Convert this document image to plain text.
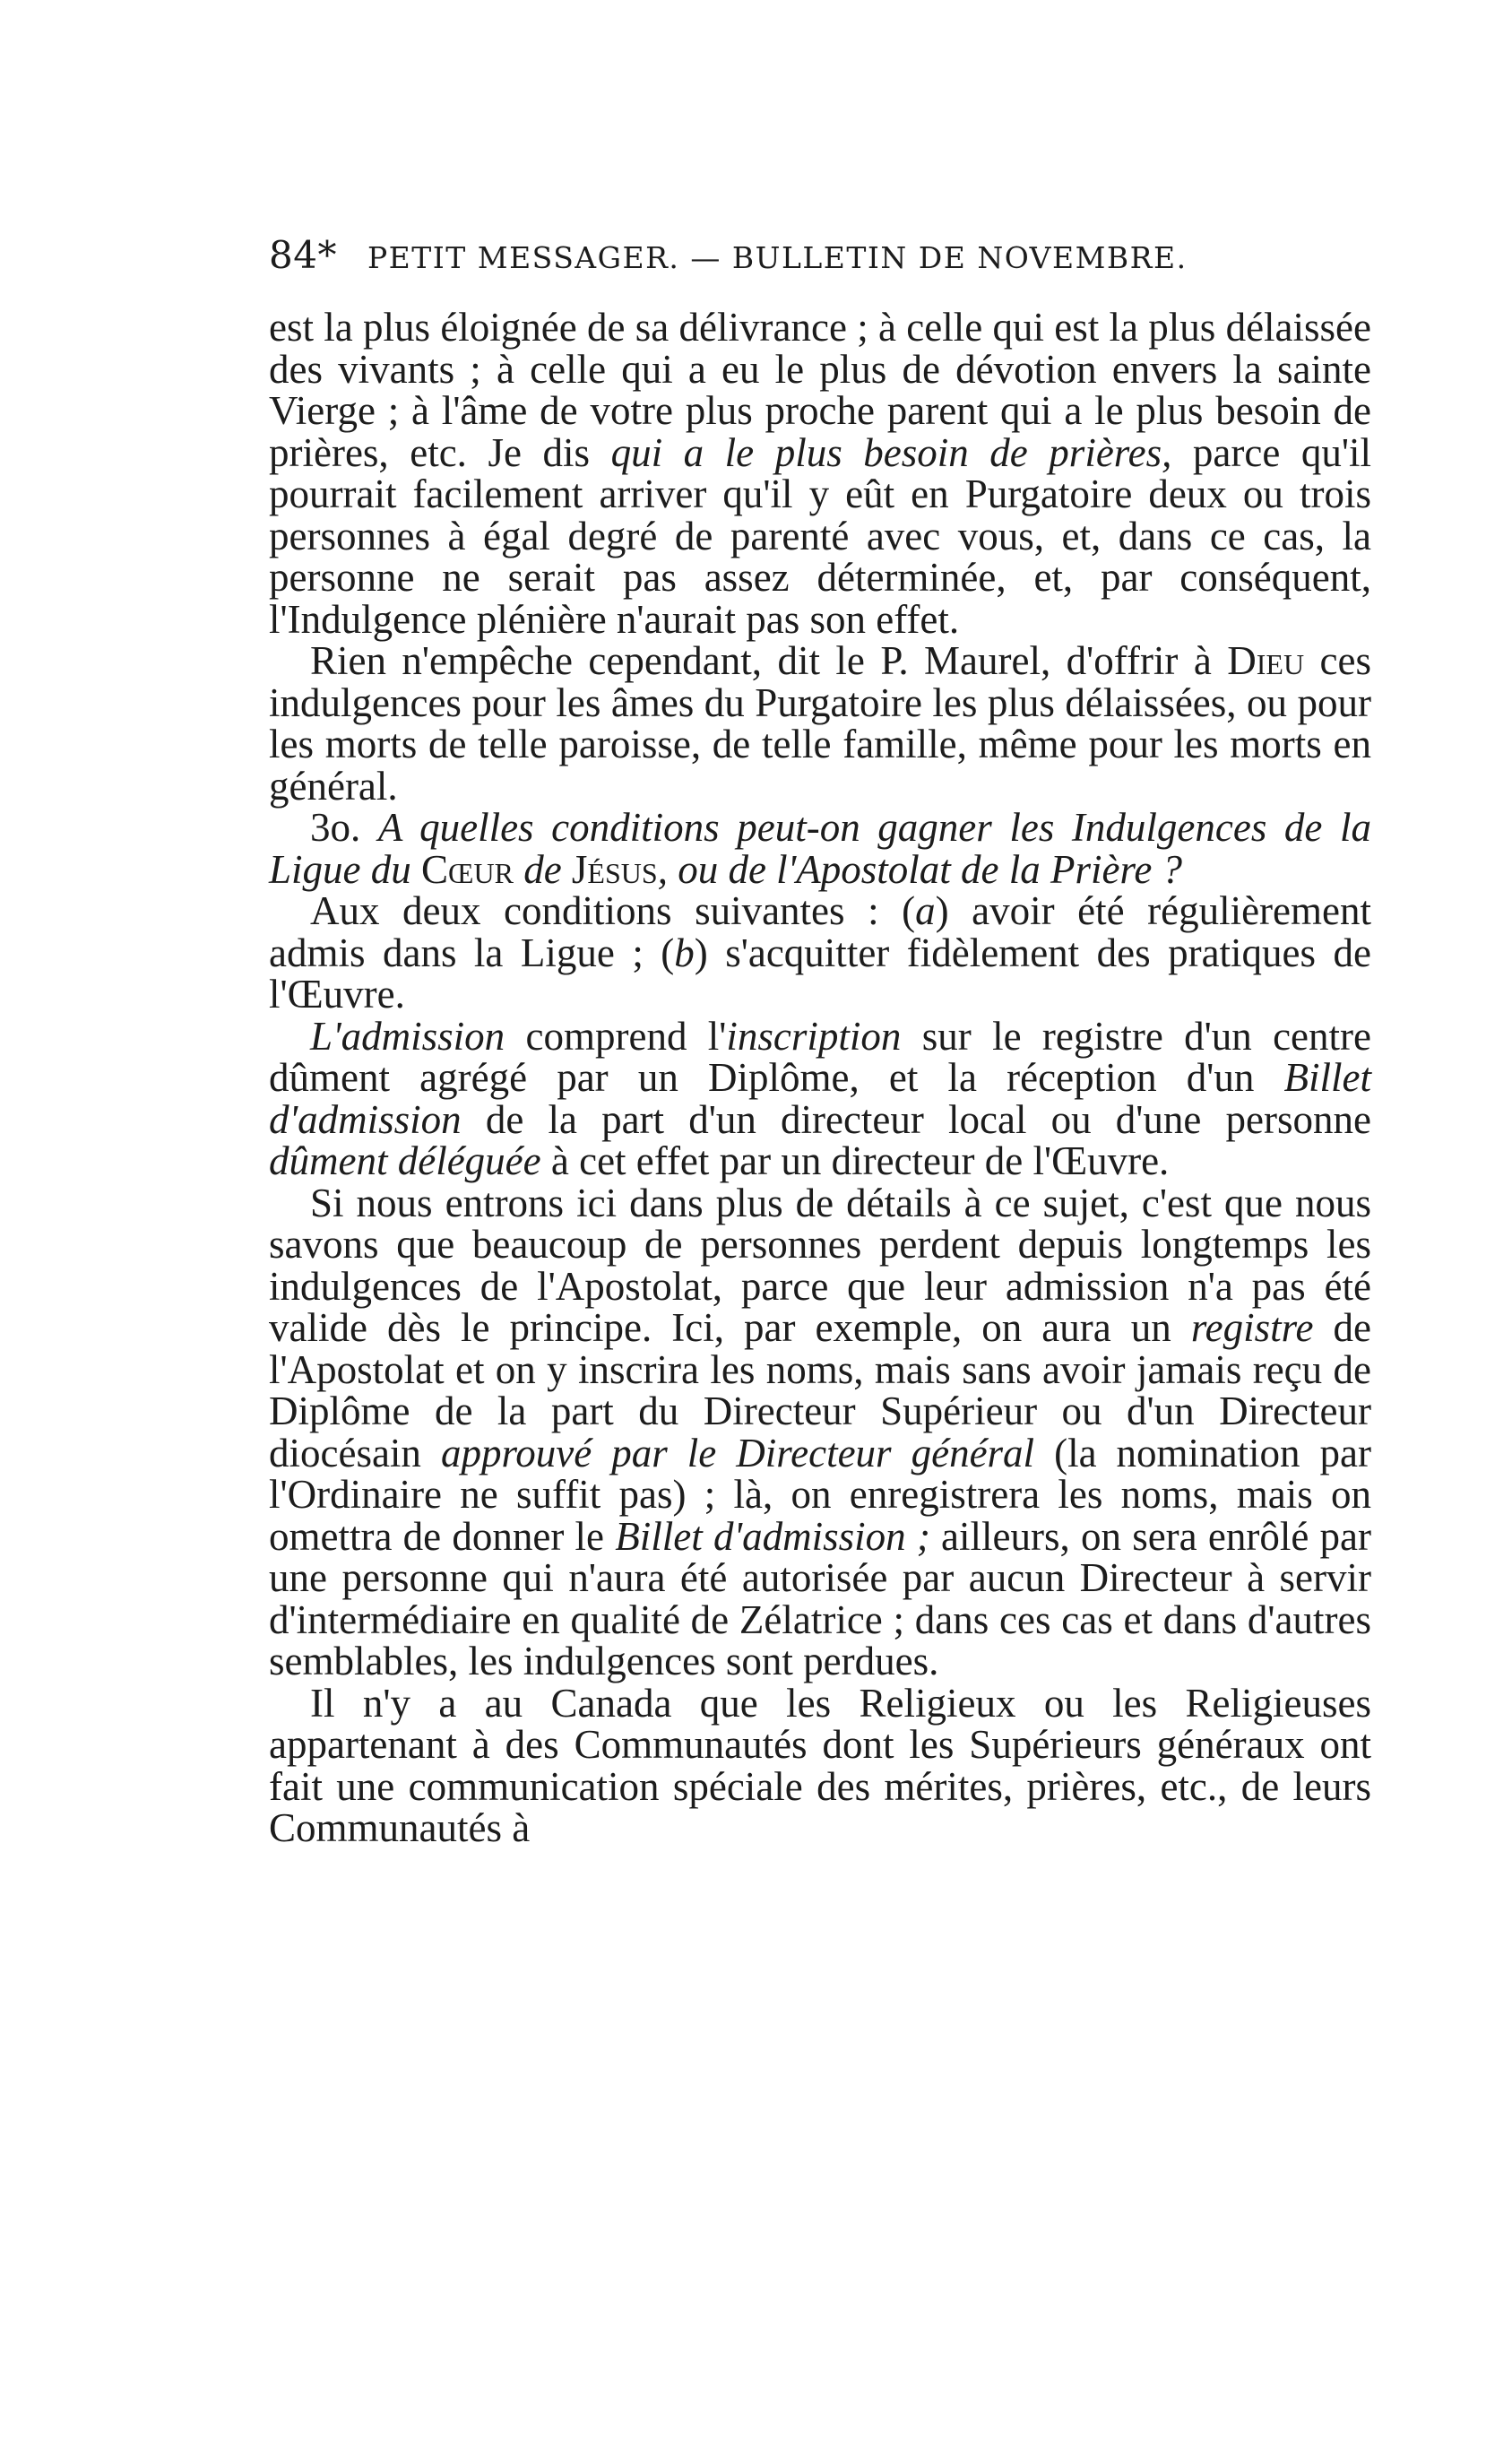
84* PETIT MESSAGER. — BULLETIN DE NOVEMBRE.

est la plus éloignée de sa délivrance ; à celle qui est la plus délaissée des vivants ; à celle qui a eu le plus de dévotion envers la sainte Vierge ; à l'âme de votre plus proche parent qui a le plus besoin de prières, etc. Je dis qui a le plus besoin de prières, parce qu'il pourrait facilement arriver qu'il y eût en Purgatoire deux ou trois personnes à égal degré de parenté avec vous, et, dans ce cas, la personne ne serait pas assez déterminée, et, par conséquent, l'Indulgence plénière n'aurait pas son effet.

Rien n'empêche cependant, dit le P. Maurel, d'offrir à Dieu ces indulgences pour les âmes du Purgatoire les plus délaissées, ou pour les morts de telle paroisse, de telle famille, même pour les morts en général.

3o. A quelles conditions peut-on gagner les Indulgences de la Ligue du Cœur de Jésus, ou de l'Apostolat de la Prière ?

Aux deux conditions suivantes : (a) avoir été régulièrement admis dans la Ligue ; (b) s'acquitter fidèlement des pratiques de l'Œuvre.

L'admission comprend l'inscription sur le registre d'un centre dûment agrégé par un Diplôme, et la réception d'un Billet d'admission de la part d'un directeur local ou d'une personne dûment déléguée à cet effet par un directeur de l'Œuvre.

Si nous entrons ici dans plus de détails à ce sujet, c'est que nous savons que beaucoup de personnes perdent depuis longtemps les indulgences de l'Apostolat, parce que leur admission n'a pas été valide dès le principe. Ici, par exemple, on aura un registre de l'Apostolat et on y inscrira les noms, mais sans avoir jamais reçu de Diplôme de la part du Directeur Supérieur ou d'un Directeur diocésain approuvé par le Directeur général (la nomination par l'Ordinaire ne suffit pas) ; là, on enregistrera les noms, mais on omettra de donner le Billet d'admission ; ailleurs, on sera enrôlé par une personne qui n'aura été autorisée par aucun Directeur à servir d'intermédiaire en qualité de Zélatrice ; dans ces cas et dans d'autres semblables, les indulgences sont perdues.

Il n'y a au Canada que les Religieux ou les Religieuses appartenant à des Communautés dont les Supérieurs généraux ont fait une communication spéciale des mérites, prières, etc., de leurs Communautés à
